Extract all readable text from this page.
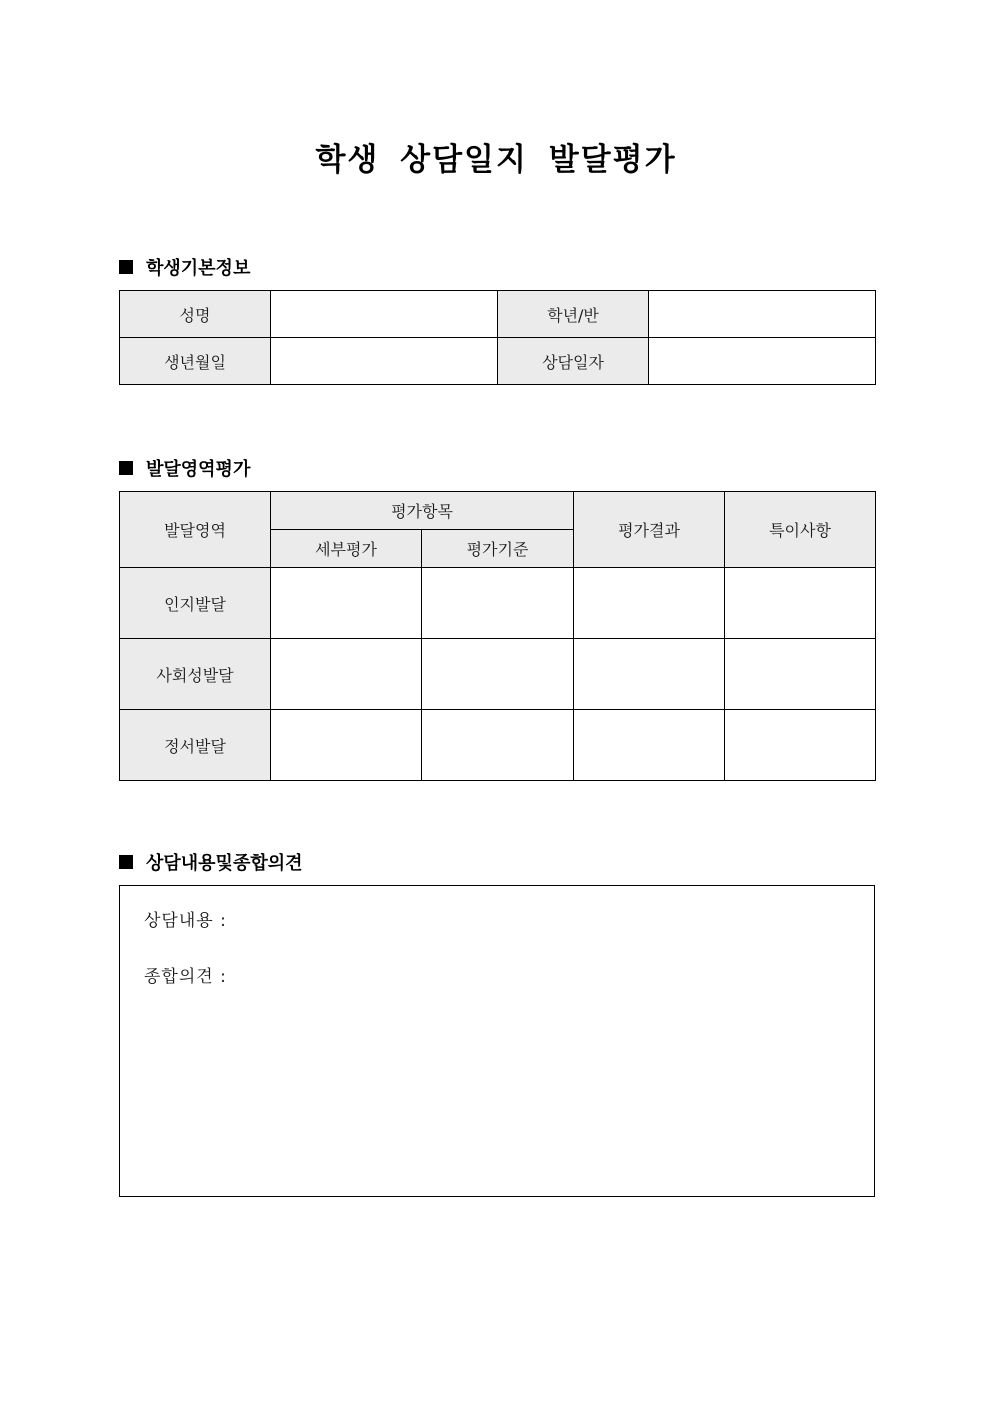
학생 상담일지 발달평가
학생기본정보
성명		학년/반	
생년월일		상담일자	
발달영역평가
발달영역	평가항목		평가결과	특이사항
	세부평가	평가기준		
인지발달				
사회성발달				
정서발달				
상담내용및종합의견
상담내용 :
종합의견 :
